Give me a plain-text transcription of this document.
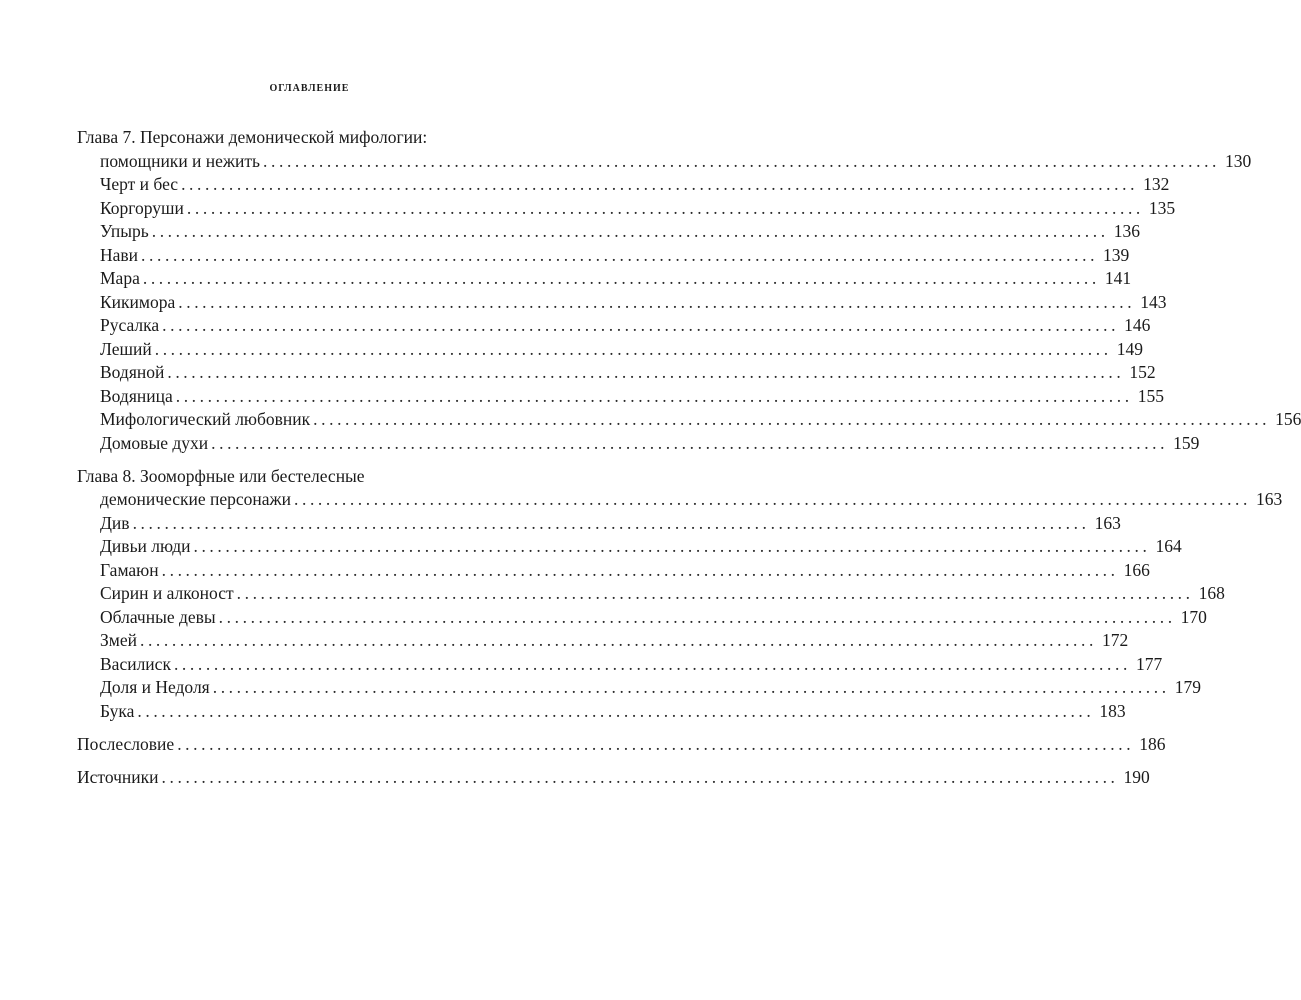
оглавление
Глава 7. Персонажи демонической мифологии:
помощники и нежить ........................................................................................................................ 130
Черт и бес ........................................................................................................................ 132
Коргоруши ........................................................................................................................ 135
Упырь ........................................................................................................................ 136
Нави ........................................................................................................................ 139
Мара ........................................................................................................................ 141
Кикимора ........................................................................................................................ 143
Русалка ........................................................................................................................ 146
Леший ........................................................................................................................ 149
Водяной ........................................................................................................................ 152
Водяница ........................................................................................................................ 155
Мифологический любовник ........................................................................................................................ 156
Домовые духи ........................................................................................................................ 159
Глава 8. Зооморфные или бестелесные
демонические персонажи ........................................................................................................................ 163
Див ........................................................................................................................ 163
Дивьи люди ........................................................................................................................ 164
Гамаюн ........................................................................................................................ 166
Сирин и алконост ........................................................................................................................ 168
Облачные девы ........................................................................................................................ 170
Змей ........................................................................................................................ 172
Василиск ........................................................................................................................ 177
Доля и Недоля ........................................................................................................................ 179
Бука ........................................................................................................................ 183
Послесловие ........................................................................................................................ 186
Источники ........................................................................................................................ 190
